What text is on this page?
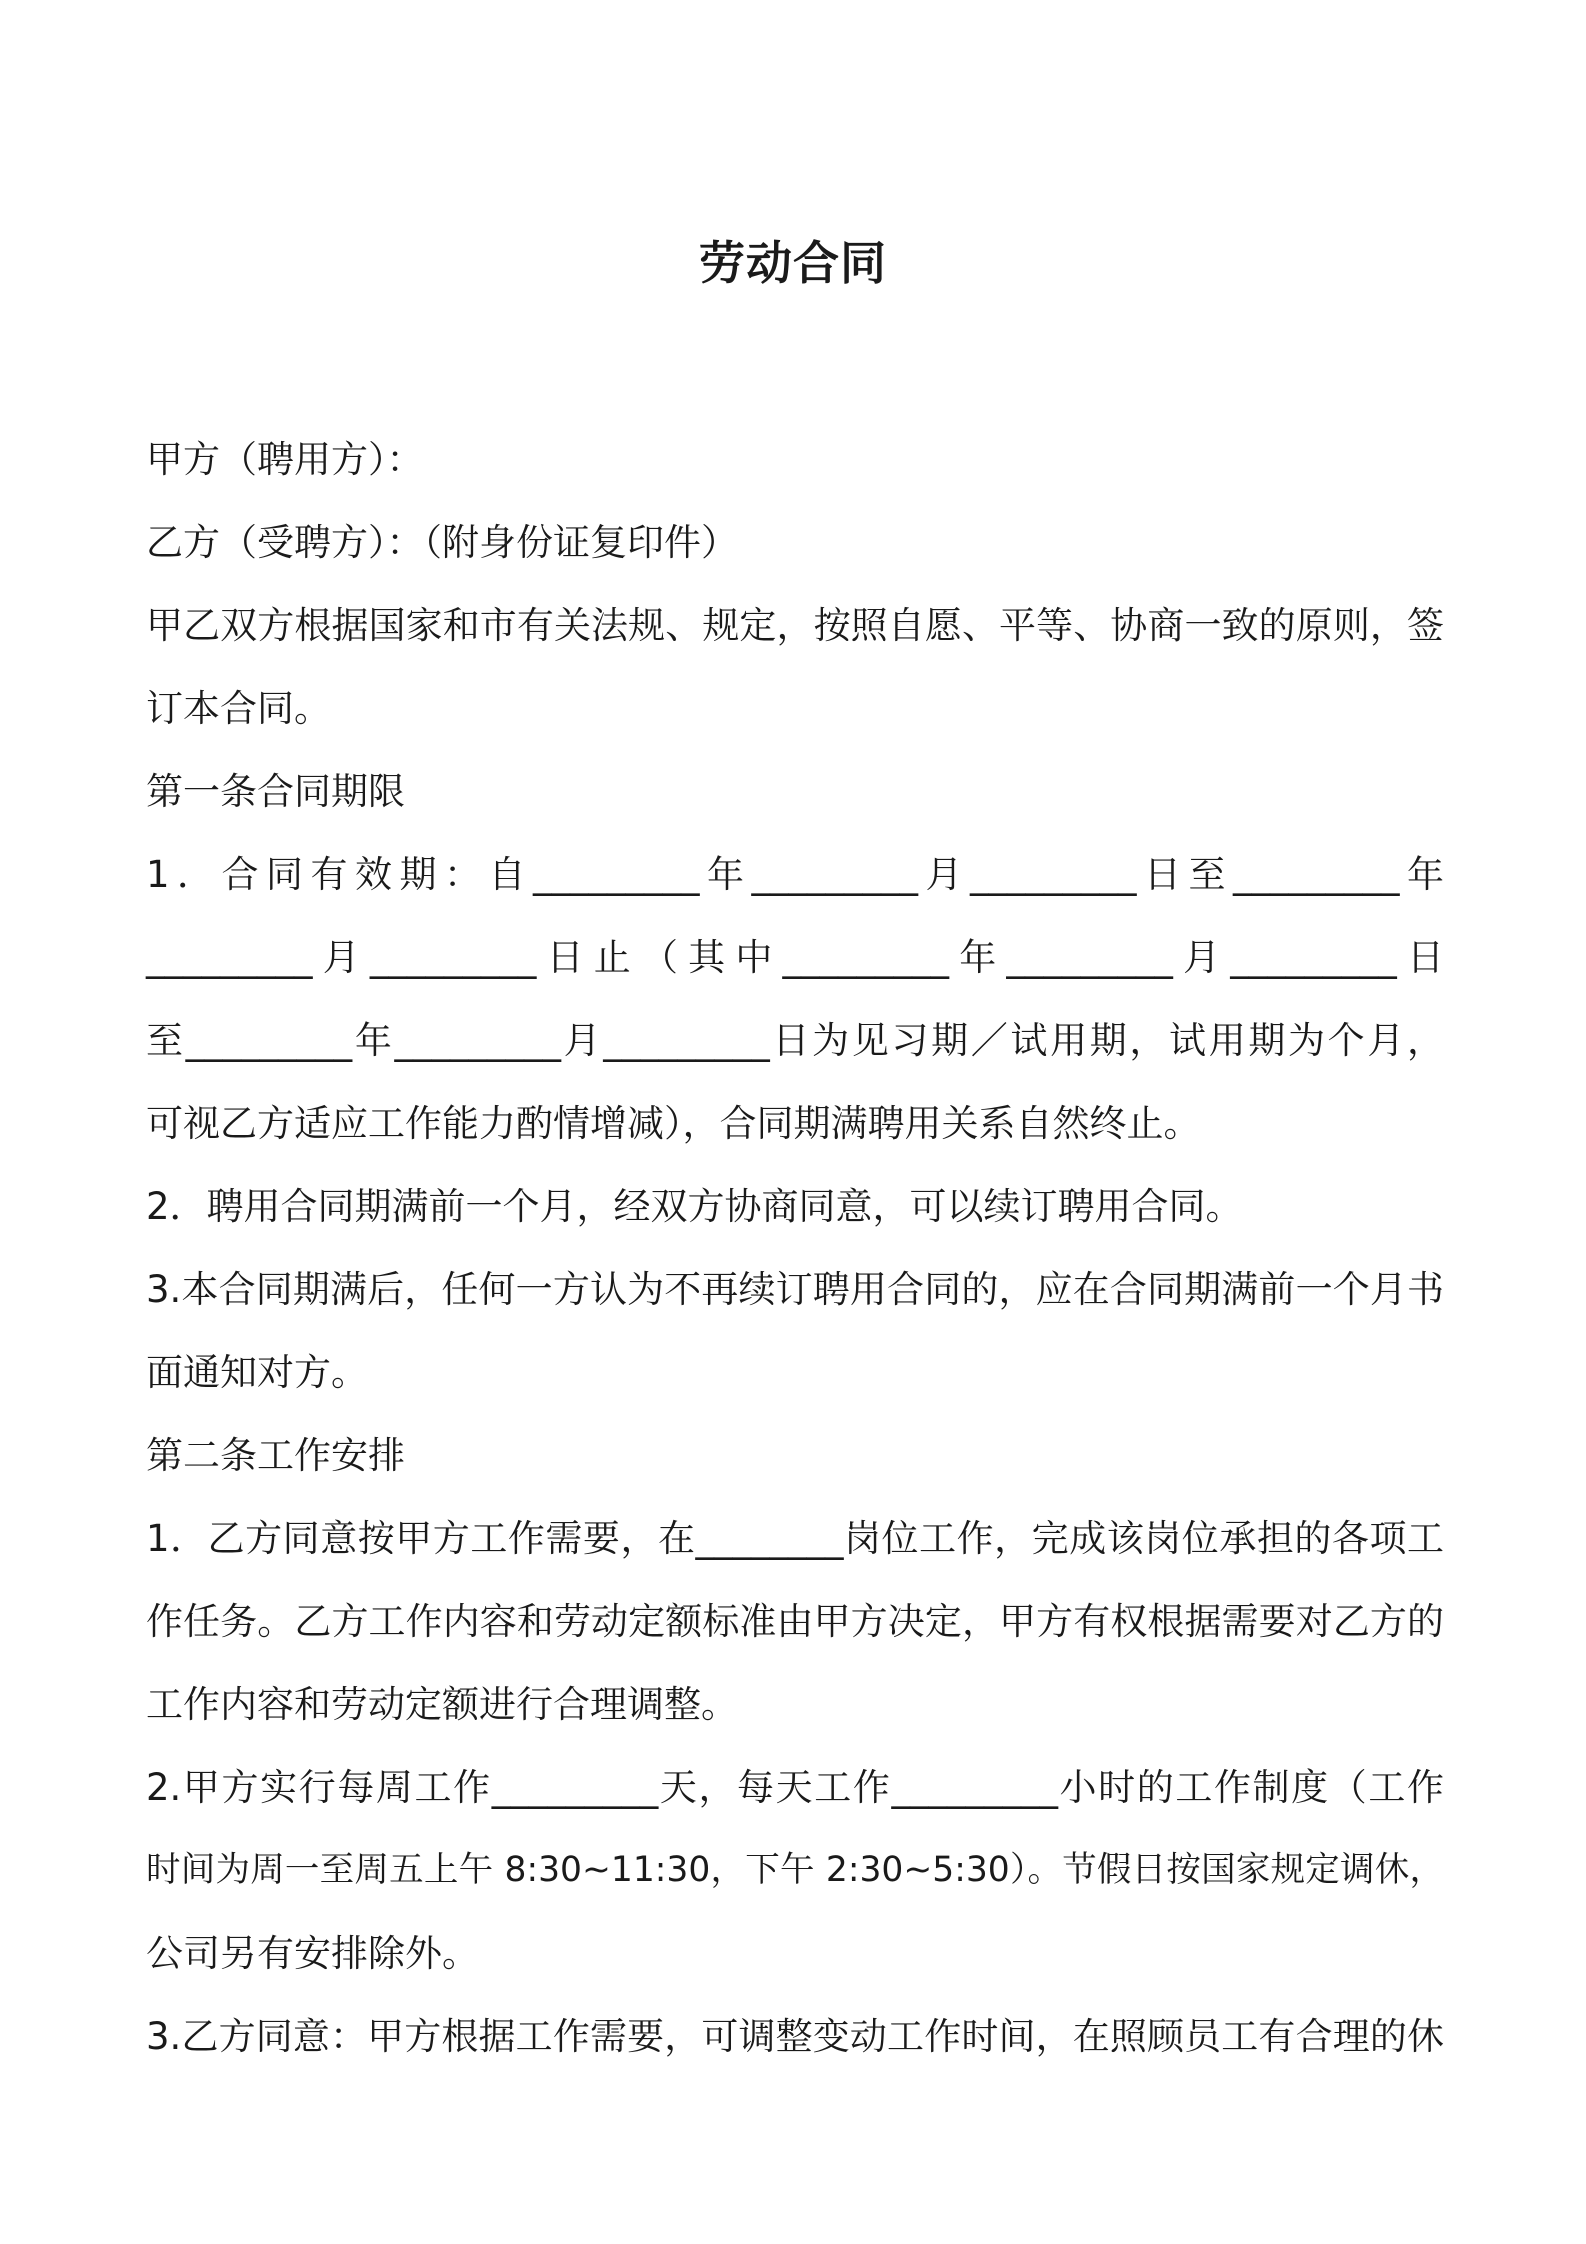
劳动合同
甲方（聘用方）：
乙方（受聘方）：（附身份证复印件）
甲乙双方根据国家和市有关法规、规定，按照自愿、平等、协商一致的原则，签
订本合同。
第一条合同期限
1．合同有效期：自_________年_________月_________日至_________年
_________月_________日止（其中_________年_________月_________日
至_________年_________月_________日为见习期／试用期，试用期为个月，
可视乙方适应工作能力酌情增减），合同期满聘用关系自然终止。
2．聘用合同期满前一个月，经双方协商同意，可以续订聘用合同。
3.本合同期满后，任何一方认为不再续订聘用合同的，应在合同期满前一个月书
面通知对方。
第二条工作安排
1．乙方同意按甲方工作需要，在________岗位工作，完成该岗位承担的各项工
作任务。乙方工作内容和劳动定额标准由甲方决定，甲方有权根据需要对乙方的
工作内容和劳动定额进行合理调整。
2.甲方实行每周工作_________天，每天工作_________小时的工作制度（工作
时间为周一至周五上午 8:30~11:30，下午 2:30~5:30）。节假日按国家规定调休，
公司另有安排除外。
3.乙方同意：甲方根据工作需要，可调整变动工作时间，在照顾员工有合理的休
